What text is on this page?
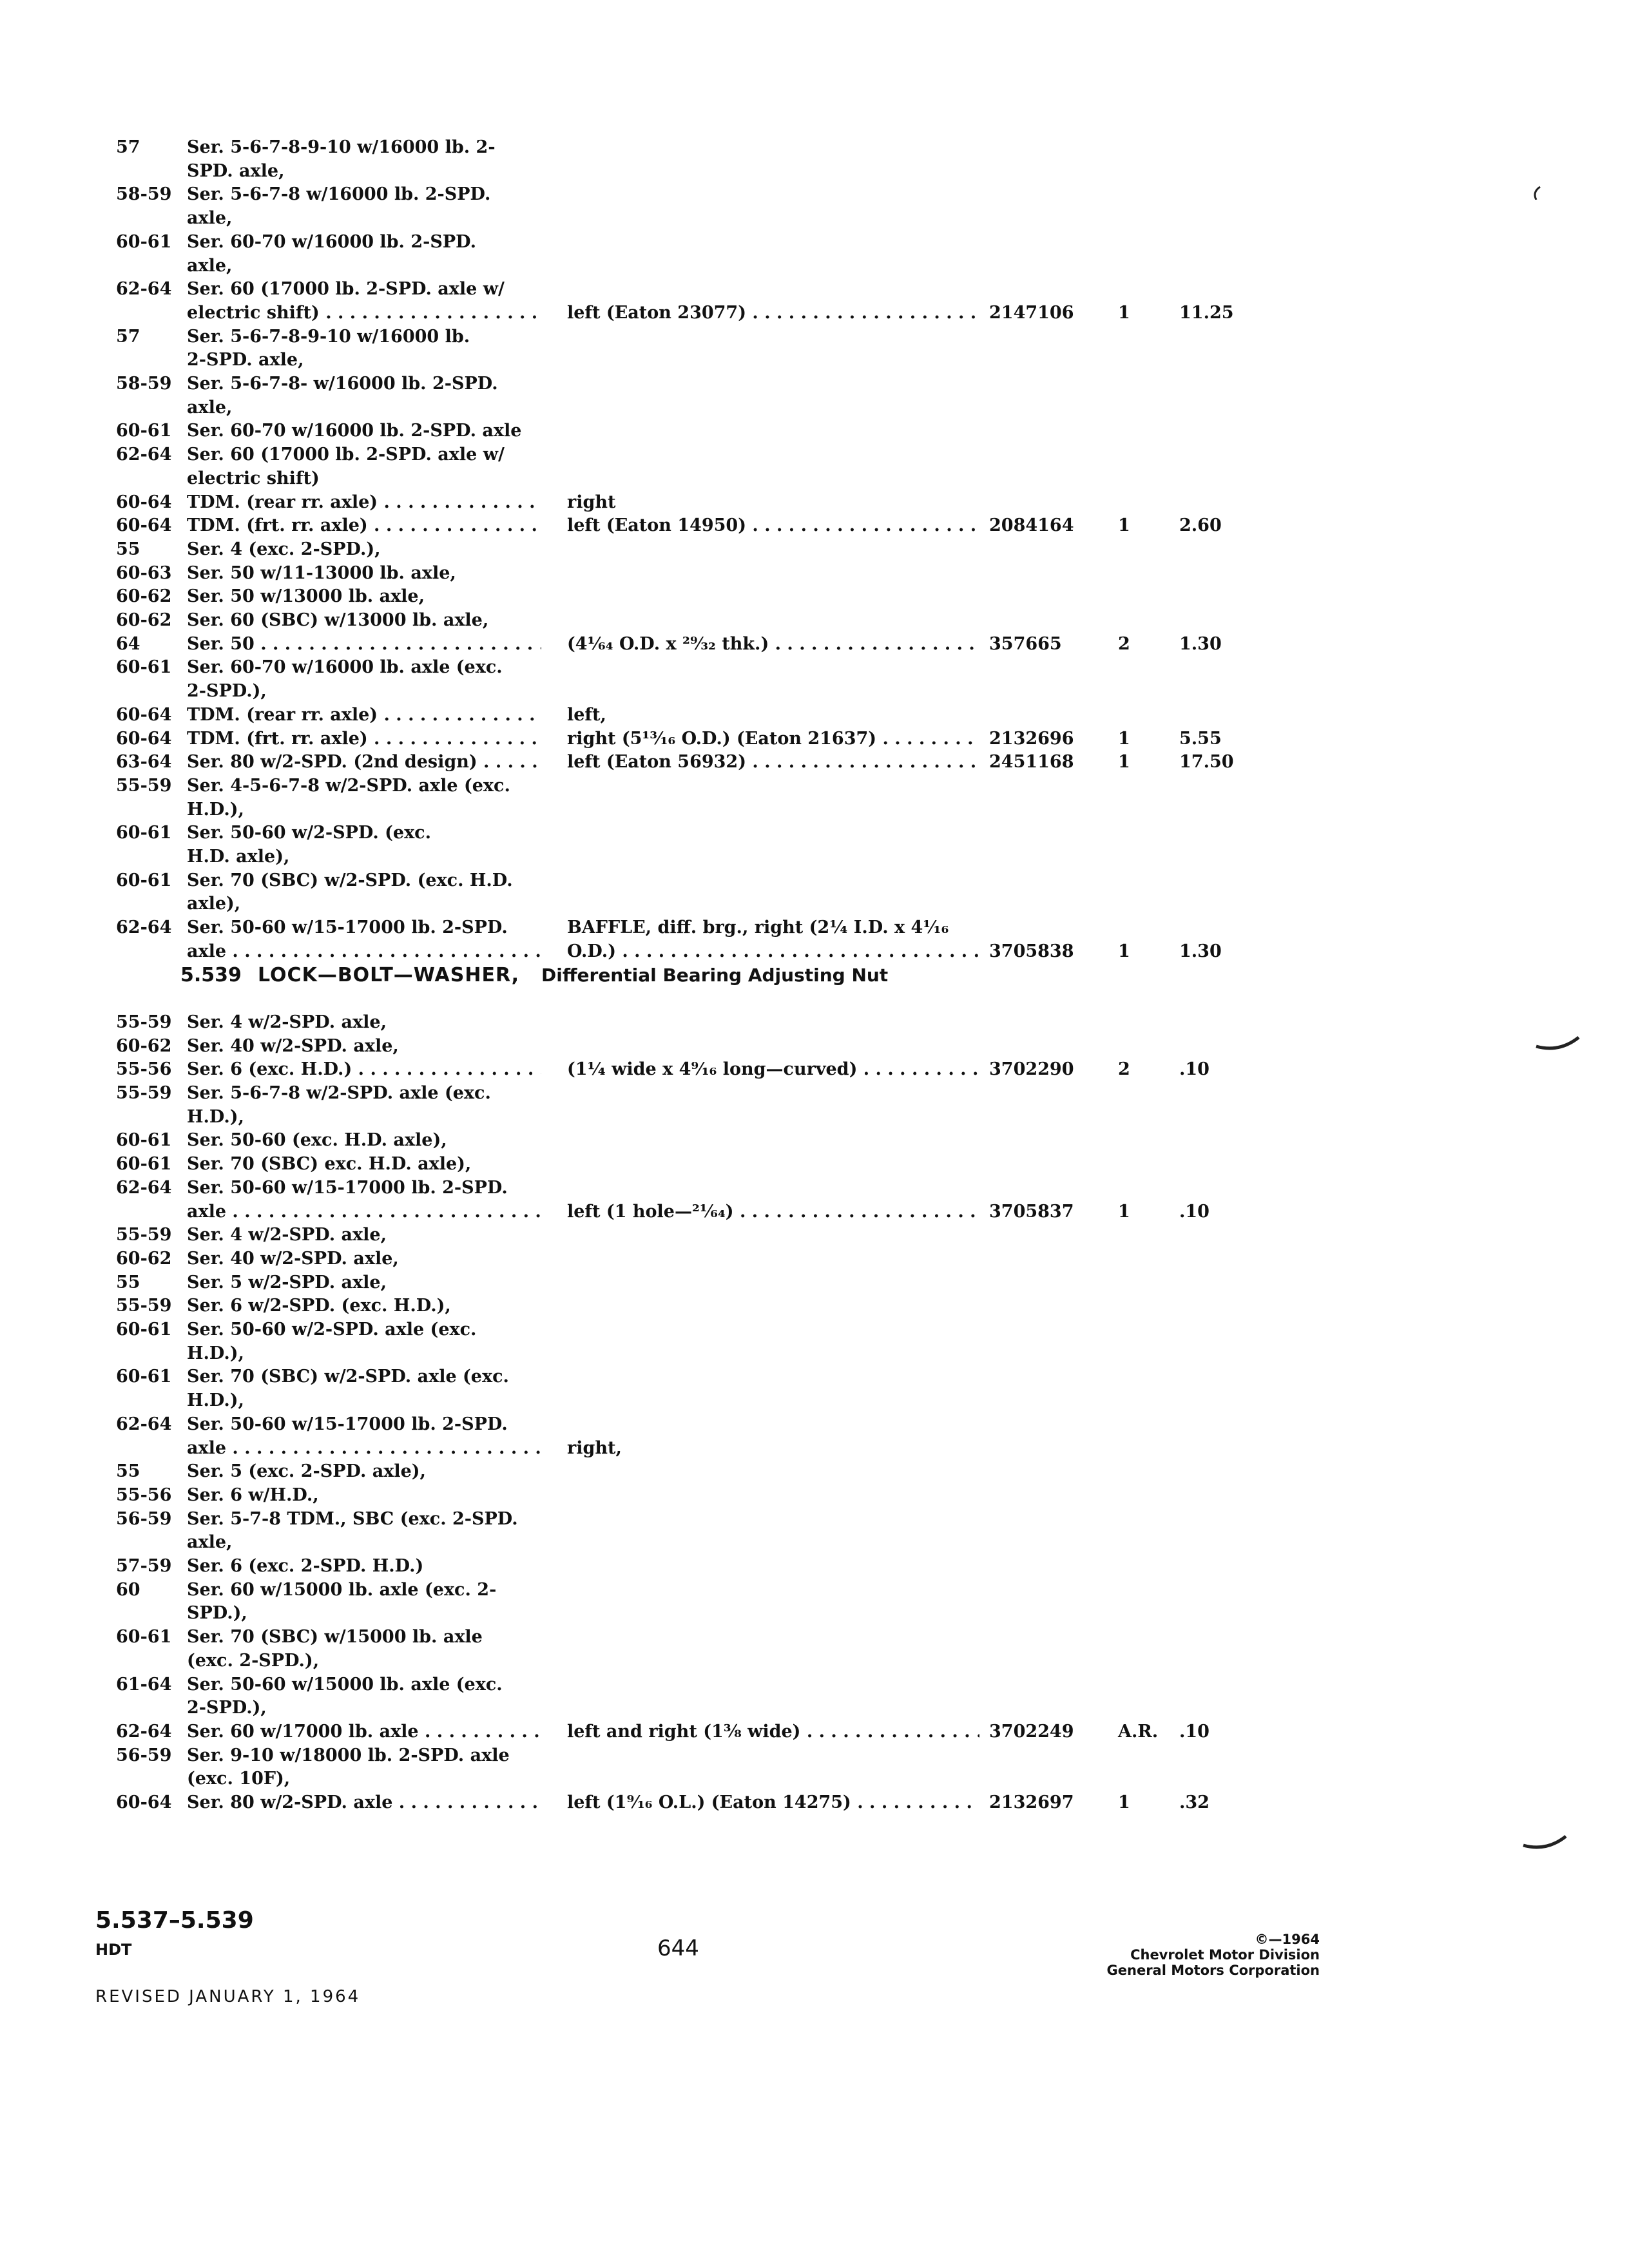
57	Ser. 5-6-7-8-9-10 w/16000 lb. 2-
SPD. axle,
58-59 Ser. 5-6-7-8 w/16000 lb. 2-SPD.
axle,
60-61 Ser. 60-70 w/16000 lb. 2-SPD.
axle,
62-64 Ser. 60 (17000 lb. 2-SPD. axle w/
electric shift) . . .	left (Eaton 23077) . . .	2147106	1	11.25
57	Ser. 5-6-7-8-9-10 w/16000 lb.
2-SPD. axle,
58-59 Ser. 5-6-7-8- w/16000 lb. 2-SPD.
axle,
60-61 Ser. 60-70 w/16000 lb. 2-SPD. axle
62-64 Ser. 60 (17000 lb. 2-SPD. axle w/
electric shift)
60-64 TDM. (rear rr. axle) . . .	right
60-64 TDM. (frt. rr. axle) . . .	left (Eaton 14950) . . .	2084164	1	2.60
55	Ser. 4 (exc. 2-SPD.),
60-63 Ser. 50 w/11-13000 lb. axle,
60-62 Ser. 50 w/13000 lb. axle,
60-62 Ser. 60 (SBC) w/13000 lb. axle,
64	Ser. 50 . . .	(4¹⁄₆₄ O.D. x ²⁹⁄₃₂ thk.) . . .	357665	2	1.30
60-61 Ser. 60-70 w/16000 lb. axle (exc.
2-SPD.),
60-64 TDM. (rear rr. axle) . . .	left,
60-64 TDM. (frt. rr. axle) . . .	right (5¹³⁄₁₆ O.D.) (Eaton 21637) . . .	2132696	1	5.55
63-64 Ser. 80 w/2-SPD. (2nd design) . . .	left (Eaton 56932) . . .	2451168	1	17.50
55-59 Ser. 4-5-6-7-8 w/2-SPD. axle (exc.
H.D.),
60-61 Ser. 50-60 w/2-SPD. (exc.
H.D. axle),
60-61 Ser. 70 (SBC) w/2-SPD. (exc. H.D.
axle),
62-64 Ser. 50-60 w/15-17000 lb. 2-SPD.	BAFFLE, diff. brg., right (2¼ I.D. x 4¹⁄₁₆
axle . . .	O.D.) . . .	3705838	1	1.30
5.539 LOCK—BOLT—WASHER, Differential Bearing Adjusting Nut
55-59 Ser. 4 w/2-SPD. axle,
60-62 Ser. 40 w/2-SPD. axle,
55-56 Ser. 6 (exc. H.D.) . . .	(1¼ wide x 4⁹⁄₁₆ long—curved) . . .	3702290	2	.10
55-59 Ser. 5-6-7-8 w/2-SPD. axle (exc.
H.D.),
60-61 Ser. 50-60 (exc. H.D. axle),
60-61 Ser. 70 (SBC) exc. H.D. axle),
62-64 Ser. 50-60 w/15-17000 lb. 2-SPD.
axle . . .	left (1 hole—²¹⁄₆₄) . . .	3705837	1	.10
55-59 Ser. 4 w/2-SPD. axle,
60-62 Ser. 40 w/2-SPD. axle,
55	Ser. 5 w/2-SPD. axle,
55-59 Ser. 6 w/2-SPD. (exc. H.D.),
60-61 Ser. 50-60 w/2-SPD. axle (exc.
H.D.),
60-61 Ser. 70 (SBC) w/2-SPD. axle (exc.
H.D.),
62-64 Ser. 50-60 w/15-17000 lb. 2-SPD.
axle . . .	right,
55	Ser. 5 (exc. 2-SPD. axle),
55-56 Ser. 6 w/H.D.,
56-59 Ser. 5-7-8 TDM., SBC (exc. 2-SPD.
axle,
57-59 Ser. 6 (exc. 2-SPD. H.D.)
60	Ser. 60 w/15000 lb. axle (exc. 2-
SPD.),
60-61 Ser. 70 (SBC) w/15000 lb. axle
(exc. 2-SPD.),
61-64 Ser. 50-60 w/15000 lb. axle (exc.
2-SPD.),
62-64 Ser. 60 w/17000 lb. axle . . .	left and right (1⅜ wide) . . .	3702249	A.R. .10
56-59 Ser. 9-10 w/18000 lb. 2-SPD. axle
(exc. 10F),
60-64 Ser. 80 w/2-SPD. axle . . .	left (1⁹⁄₁₆ O.L.) (Eaton 14275) . . .	2132697	1	.32
5.537–5.539
HDT	644	©—1964
Chevrolet Motor Division
General Motors Corporation
REVISED JANUARY 1, 1964
